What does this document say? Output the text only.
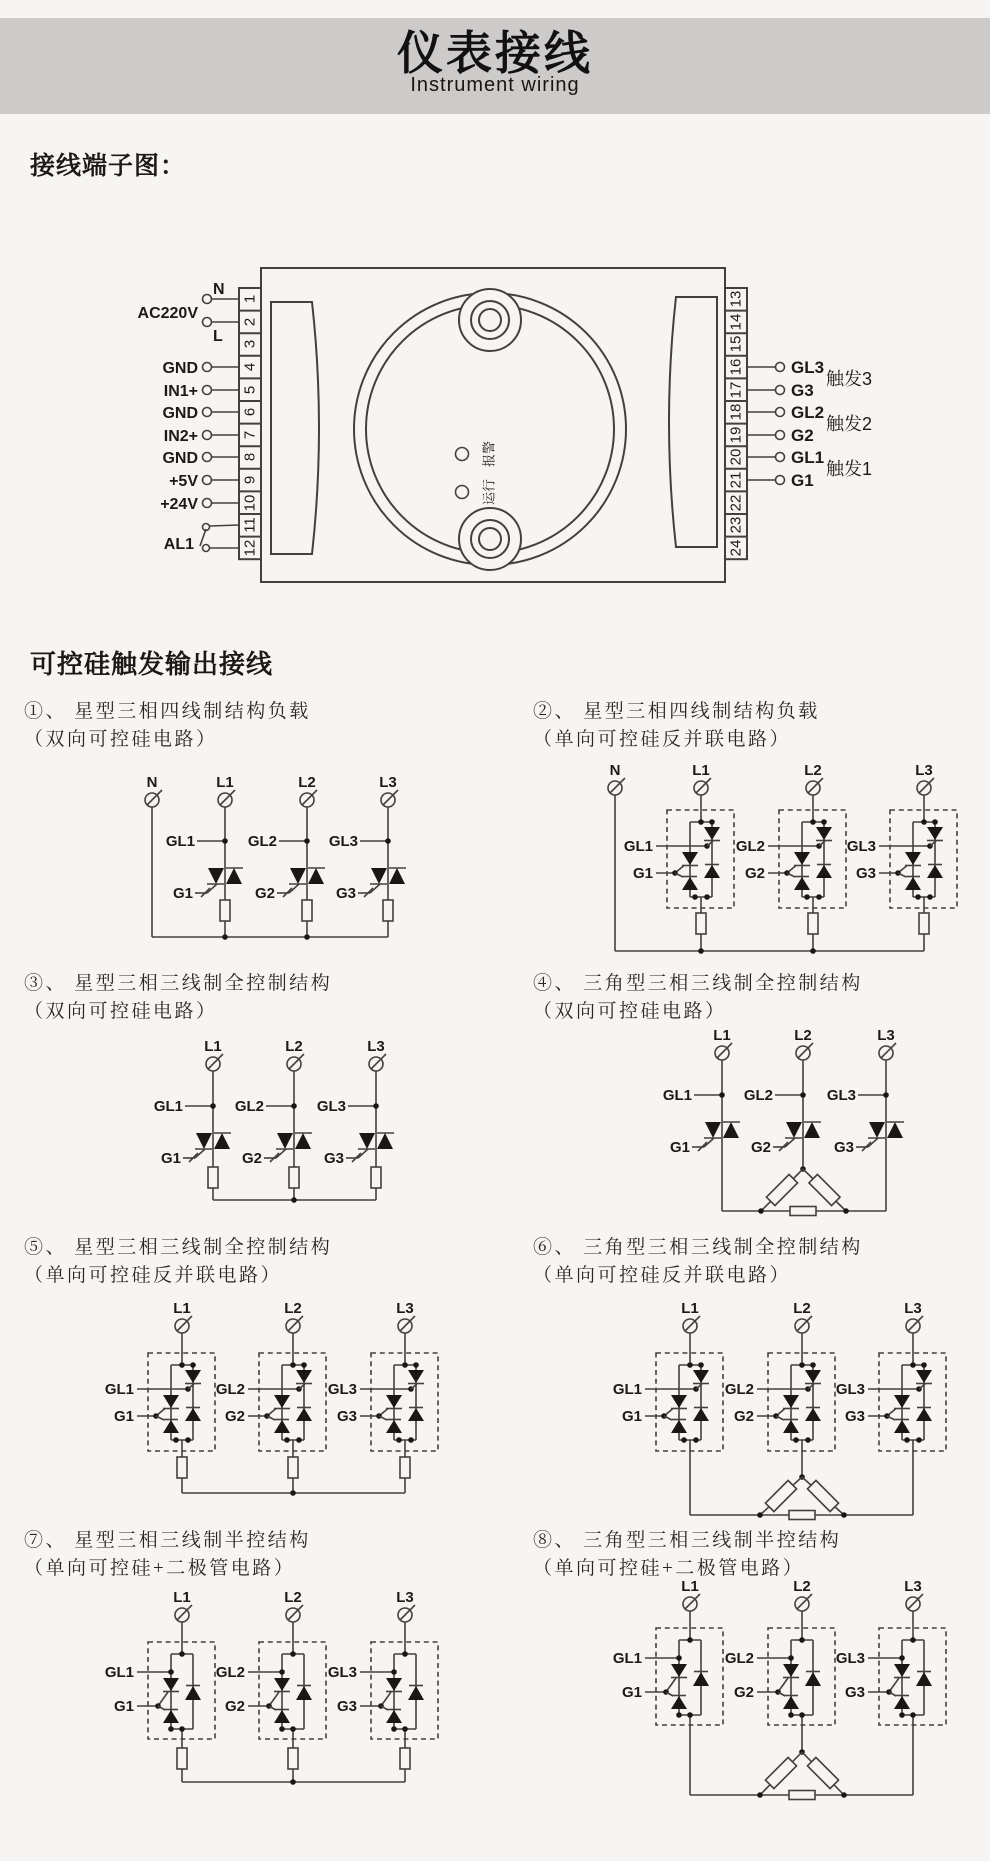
仪表接线
Instrument wiring
接线端子图：
可控硅触发输出接线
①、 星型三相四线制结构负载
（双向可控硅电路）
②、 星型三相四线制结构负载
（单向可控硅反并联电路）
③、 星型三相三线制全控制结构
（双向可控硅电路）
④、 三角型三相三线制全控制结构
（双向可控硅电路）
⑤、 星型三相三线制全控制结构
（单向可控硅反并联电路）
⑥、 三角型三相三线制全控制结构
（单向可控硅反并联电路）
⑦、 星型三相三线制半控结构
（单向可控硅+二极管电路）
⑧、 三角型三相三线制半控结构
（单向可控硅+二极管电路）
报警
运行
1
2
3
4
5
6
7
8
9
10
11
12
13
14
15
16
17
18
19
20
21
22
23
24
N
L
AC220V
GND
IN1+
GND
IN2+
GND
+5V
+24V
AL1
GL3
G3
GL2
G2
GL1
G1
触发3
触发2
触发1
N	L1	L2	L3
GL1	GL2	GL3
G1	G2	G3
N	L1	L2	L3
GL1	GL2	GL3
G1	G2	G3
L1	L2	L3
GL1	GL2	GL3
G1	G2	G3
L1	L2	L3
GL1	GL2	GL3
G1	G2	G3
L1	L2	L3
GL1	GL2	GL3
G1	G2	G3
L1	L2	L3
GL1	GL2	GL3
G1	G2	G3
L1	L2	L3
GL1	GL2	GL3
G1	G2	G3
L1	L2	L3
GL1	GL2	GL3
G1	G2	G3
